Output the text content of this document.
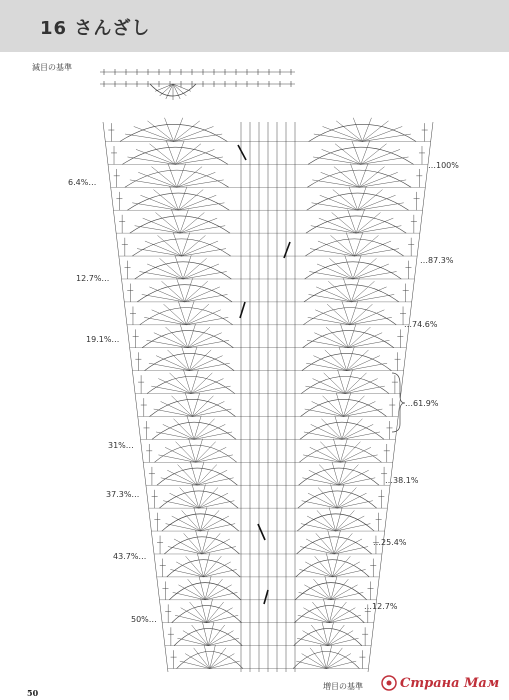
16 さんざし
減目の基準
増目の基準
6.4%…
12.7%…
19.1%…
31%…
37.3%…
43.7%…
50%…
…100%
…87.3%
…74.6%
…61.9%
…38.1%
…25.4%
…12.7%
50
Страна Мам
